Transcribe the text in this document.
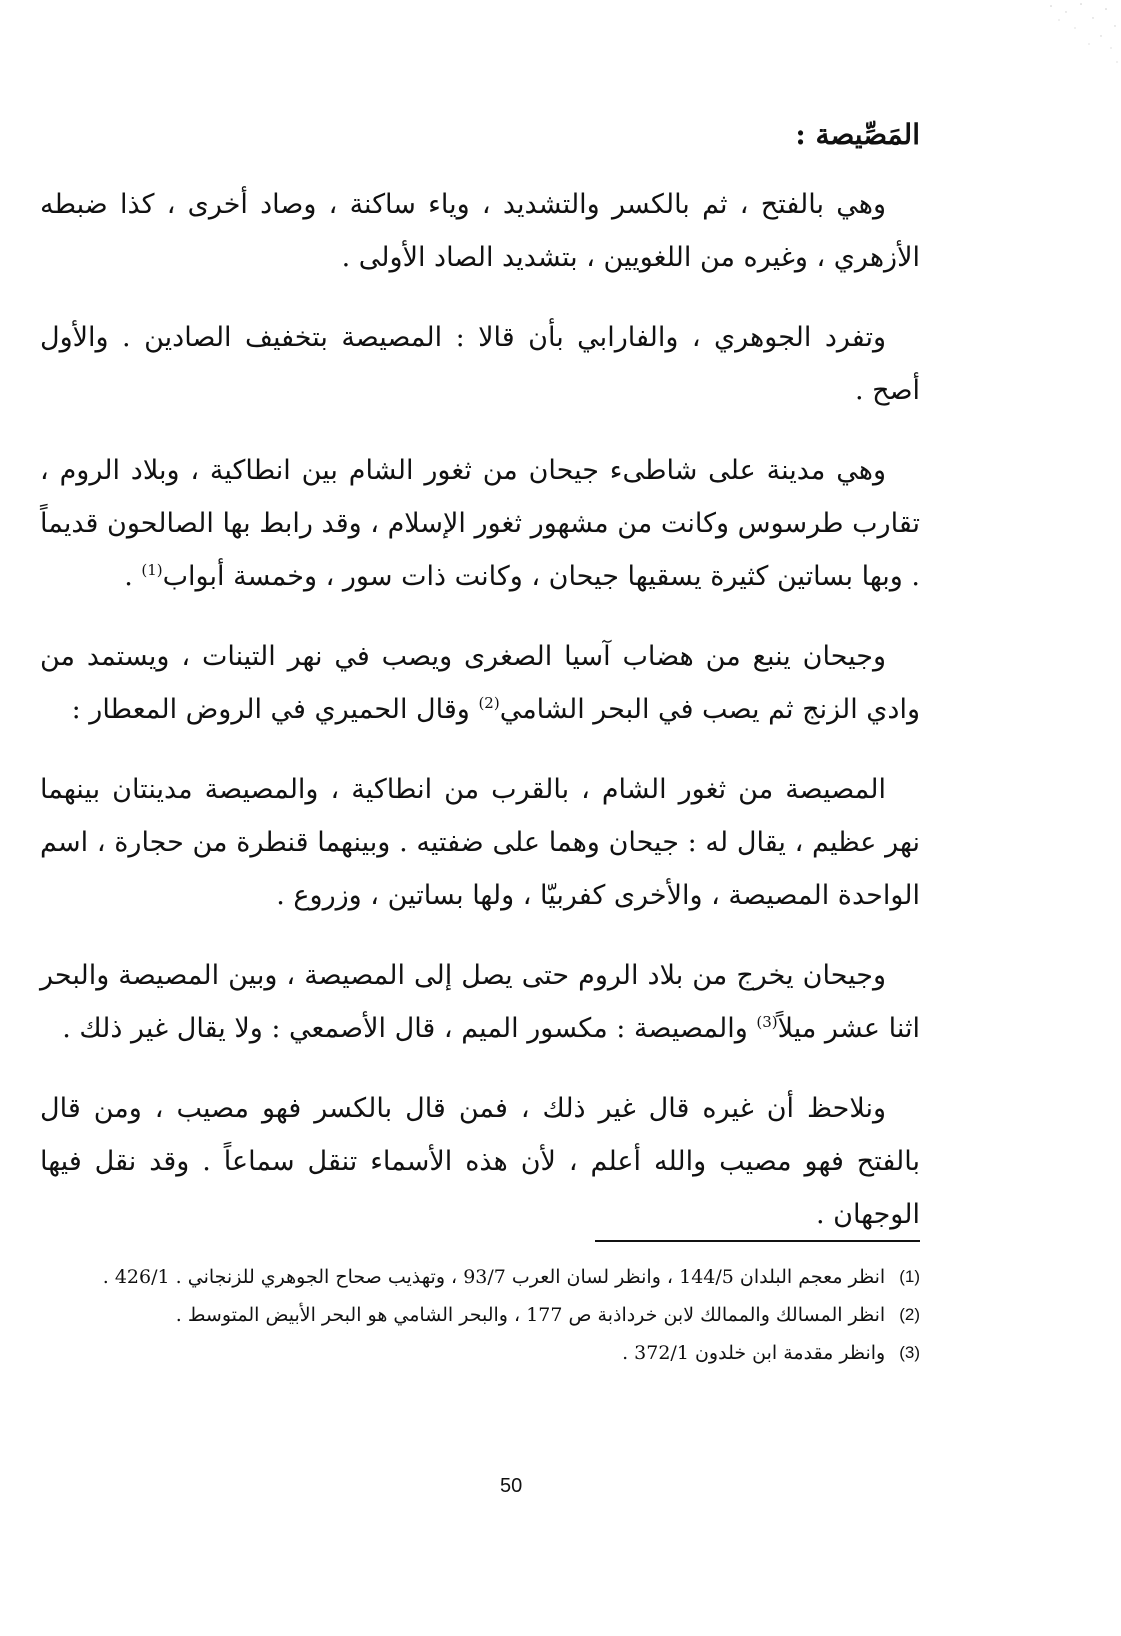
المَصِّيصة :

وهي بالفتح ، ثم بالكسر والتشديد ، وياء ساكنة ، وصاد أخرى ، كذا ضبطه الأزهري ، وغيره من اللغويين ، بتشديد الصاد الأولى .

وتفرد الجوهري ، والفارابي بأن قالا : المصيصة بتخفيف الصادين . والأول أصح .

وهي مدينة على شاطىء جيحان من ثغور الشام بين انطاكية ، وبلاد الروم ، تقارب طرسوس وكانت من مشهور ثغور الإسلام ، وقد رابط بها الصالحون قديماً . وبها بساتين كثيرة يسقيها جيحان ، وكانت ذات سور ، وخمسة أبواب$^{(1)}$ .

وجيحان ينبع من هضاب آسيا الصغرى ويصب في نهر التينات ، ويستمد من وادي الزنج ثم يصب في البحر الشامي$^{(2)}$ وقال الحميري في الروض المعطار :

المصيصة من ثغور الشام ، بالقرب من انطاكية ، والمصيصة مدينتان بينهما نهر عظيم ، يقال له : جيحان وهما على ضفتيه . وبينهما قنطرة من حجارة ، اسم الواحدة المصيصة ، والأخرى كفربيّا ، ولها بساتين ، وزروع .

وجيحان يخرج من بلاد الروم حتى يصل إلى المصيصة ، وبين المصيصة والبحر اثنا عشر ميلاً$^{(3)}$ والمصيصة : مكسور الميم ، قال الأصمعي : ولا يقال غير ذلك .

ونلاحظ أن غيره قال غير ذلك ، فمن قال بالكسر فهو مصيب ، ومن قال بالفتح فهو مصيب والله أعلم ، لأن هذه الأسماء تنقل سماعاً . وقد نقل فيها الوجهان .

(1)
انظر معجم البلدان 144/5 ، وانظر لسان العرب 93/7 ، وتهذيب صحاح الجوهري للزنجاني . 426/1 .
(2)
انظر المسالك والممالك لابن خرداذبة ص 177 ، والبحر الشامي هو البحر الأبيض المتوسط .
(3)
وانظر مقدمة ابن خلدون 372/1 .
50
